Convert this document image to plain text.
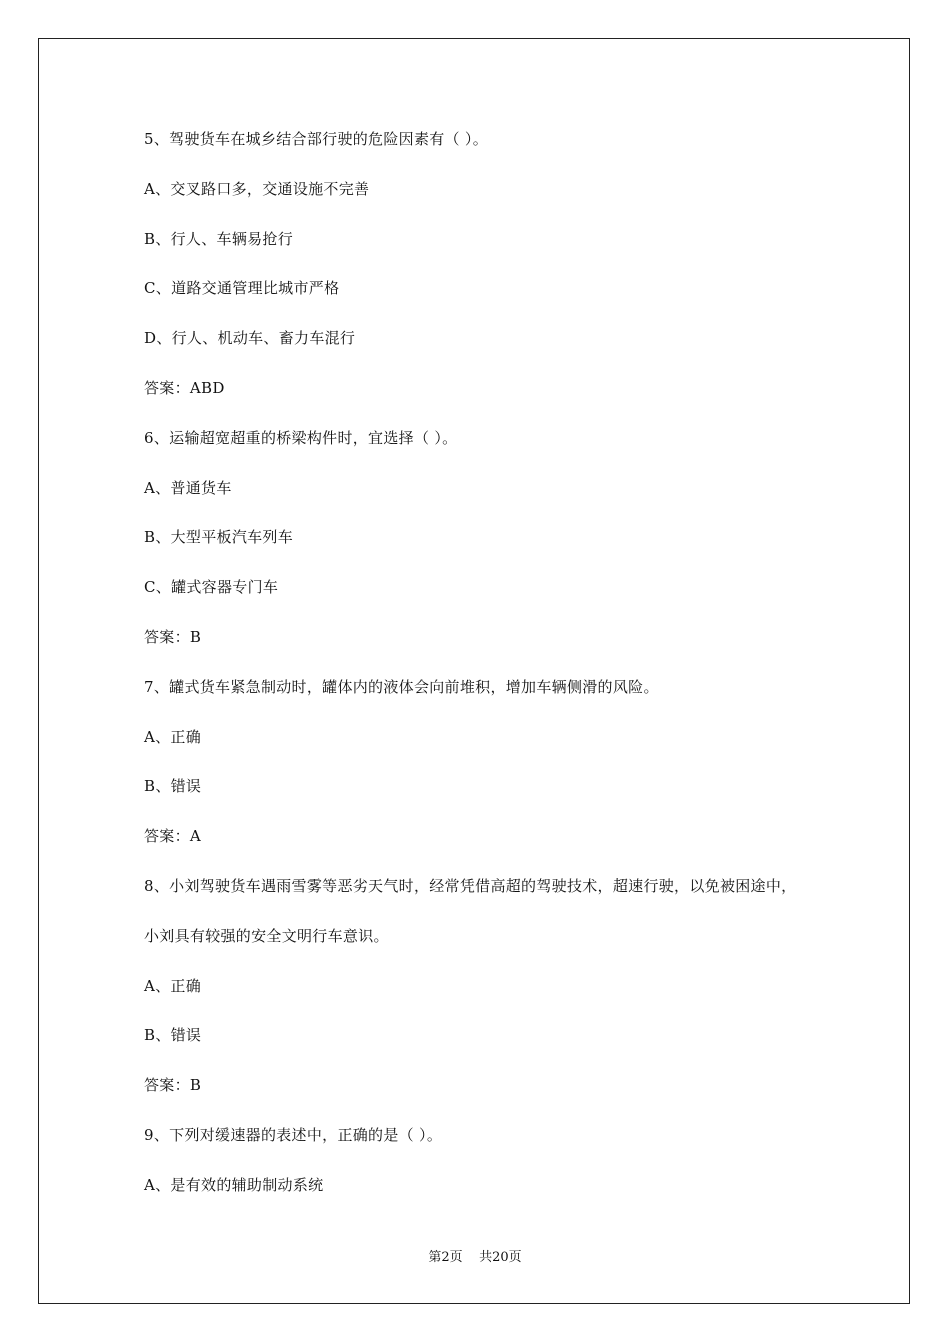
5、驾驶货车在城乡结合部行驶的危险因素有（ ）。
A、交叉路口多，交通设施不完善
B、行人、车辆易抢行
C、道路交通管理比城市严格
D、行人、机动车、畜力车混行
答案：ABD
6、运输超宽超重的桥梁构件时，宜选择（ ）。
A、普通货车
B、大型平板汽车列车
C、罐式容器专门车
答案：B
7、罐式货车紧急制动时，罐体内的液体会向前堆积，增加车辆侧滑的风险。
A、正确
B、错误
答案：A
8、小刘驾驶货车遇雨雪雾等恶劣天气时，经常凭借高超的驾驶技术，超速行驶，以免被困途中，
小刘具有较强的安全文明行车意识。
A、正确
B、错误
答案：B
9、下列对缓速器的表述中，正确的是（ ）。
A、是有效的辅助制动系统
第2页    共20页
